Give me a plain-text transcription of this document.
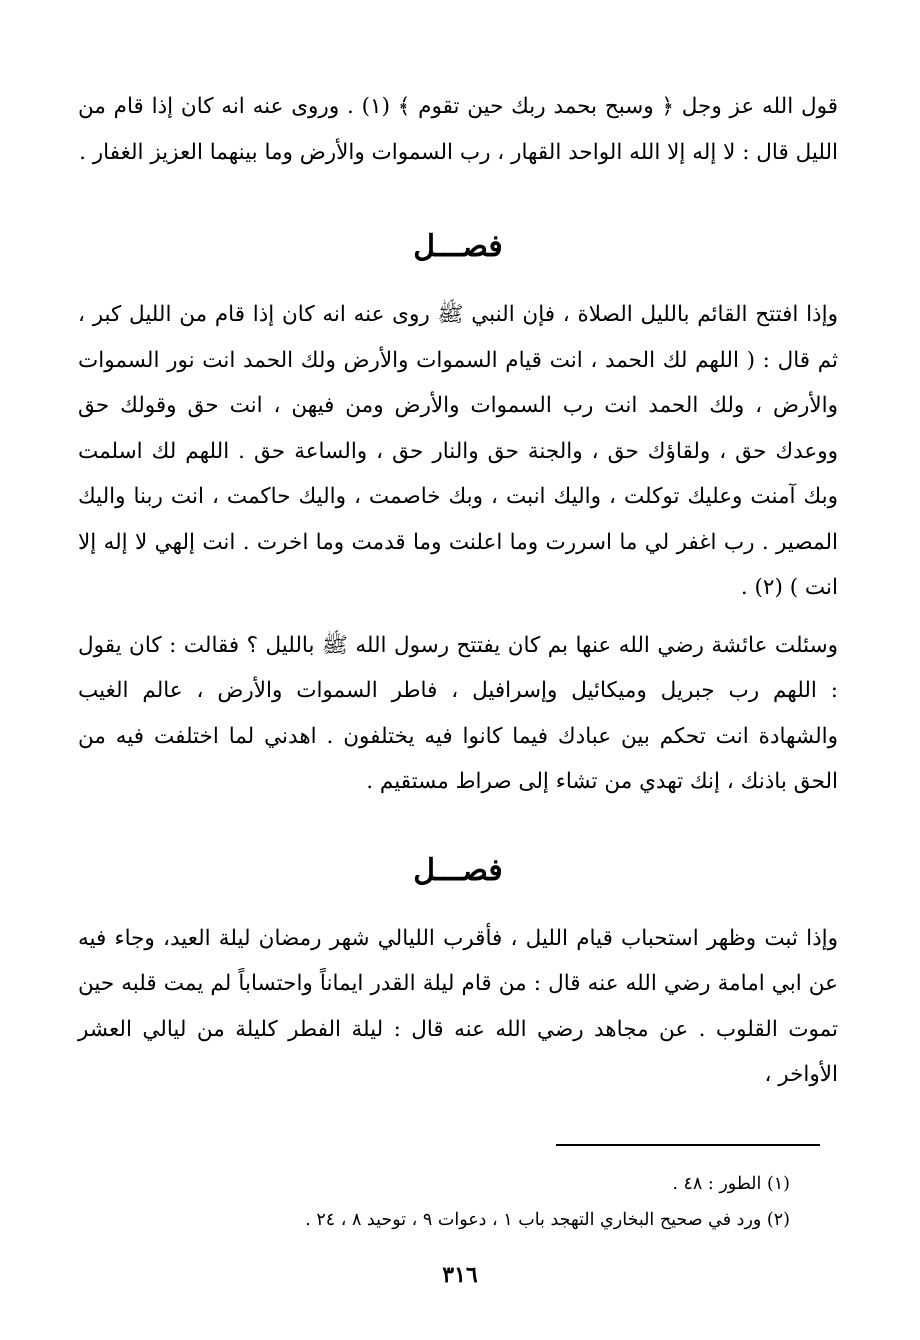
قول الله عز وجل ﴿ وسبح بحمد ربك حين تقوم ﴾ (١) . وروى عنه انه كان إذا قام من الليل قال : لا إله إلا الله الواحد القهار ، رب السموات والأرض وما بينهما العزيز الغفار .

فصـــل

وإذا افتتح القائم بالليل الصلاة ، فإن النبي ﷺ روى عنه انه كان إذا قام من الليل كبر ، ثم قال : ( اللهم لك الحمد ، انت قيام السموات والأرض ولك الحمد انت نور السموات والأرض ، ولك الحمد انت رب السموات والأرض ومن فيهن ، انت حق وقولك حق ووعدك حق ، ولقاؤك حق ، والجنة حق والنار حق ، والساعة حق . اللهم لك اسلمت وبك آمنت وعليك توكلت ، واليك انبت ، وبك خاصمت ، واليك حاكمت ، انت ربنا واليك المصير . رب اغفر لي ما اسررت وما اعلنت وما قدمت وما اخرت . انت إلهي لا إله إلا انت ) (٢) .

وسئلت عائشة رضي الله عنها بم كان يفتتح رسول الله ﷺ بالليل ؟ فقالت : كان يقول : اللهم رب جبريل وميكائيل وإسرافيل ، فاطر السموات والأرض ، عالم الغيب والشهادة انت تحكم بين عبادك فيما كانوا فيه يختلفون . اهدني لما اختلفت فيه من الحق باذنك ، إنك تهدي من تشاء إلى صراط مستقيم .

فصـــل

وإذا ثبت وظهر استحباب قيام الليل ، فأقرب الليالي شهر رمضان ليلة العيد، وجاء فيه عن ابي امامة رضي الله عنه قال : من قام ليلة القدر ايماناً واحتساباً لم يمت قلبه حين تموت القلوب . عن مجاهد رضي الله عنه قال : ليلة الفطر كليلة من ليالي العشر الأواخر ،

(١) الطور : ٤٨ .

(٢) ورد في صحيح البخاري التهجد باب ١ ، دعوات ٩ ، توحيد ٨ ، ٢٤ .

٣١٦
